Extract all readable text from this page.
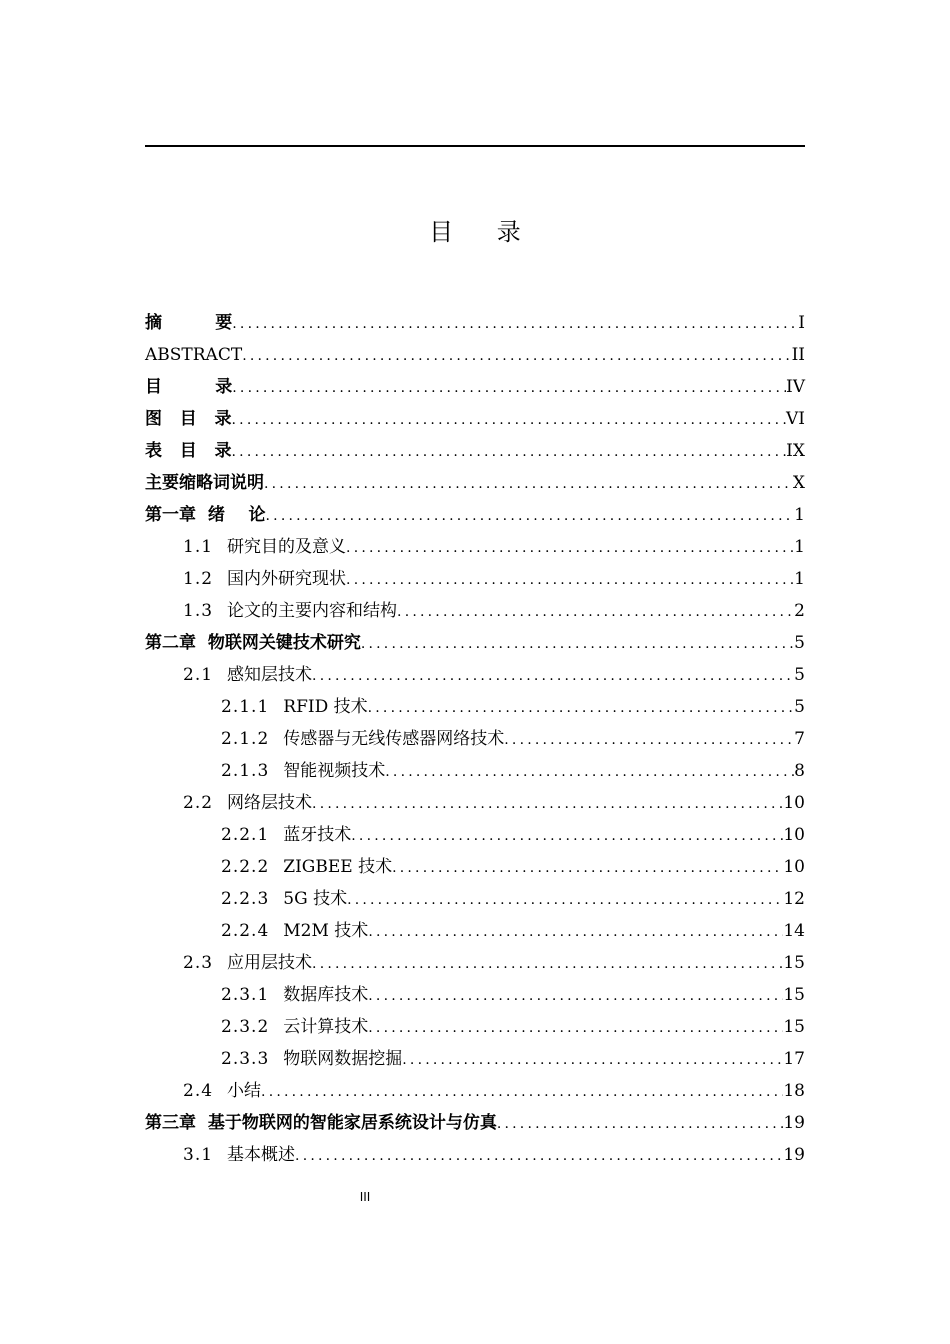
目 录
摘         要 .....	I
ABSTRACT .....	II
目         录 .....	IV
图   目   录 .....	VI
表   目   录 .....	IX
主要缩略词说明 .....	X
第一章  绪    论 .....	1
1.1 研究目的及意义 .....	1
1.2 国内外研究现状 .....	1
1.3 论文的主要内容和结构 .....	2
第二章  物联网关键技术研究 .....	5
2.1 感知层技术 .....	5
2.1.1 RFID 技术 .....	5
2.1.2 传感器与无线传感器网络技术 .....	7
2.1.3 智能视频技术 .....	8
2.2 网络层技术 .....	10
2.2.1 蓝牙技术 .....	10
2.2.2 ZIGBEE 技术 .....	10
2.2.3 5G 技术 .....	12
2.2.4 M2M 技术 .....	14
2.3 应用层技术 .....	15
2.3.1 数据库技术 .....	15
2.3.2 云计算技术 .....	15
2.3.3 物联网数据挖掘 .....	17
2.4 小结 .....	18
第三章  基于物联网的智能家居系统设计与仿真 .....	19
3.1 基本概述 .....	19
III
